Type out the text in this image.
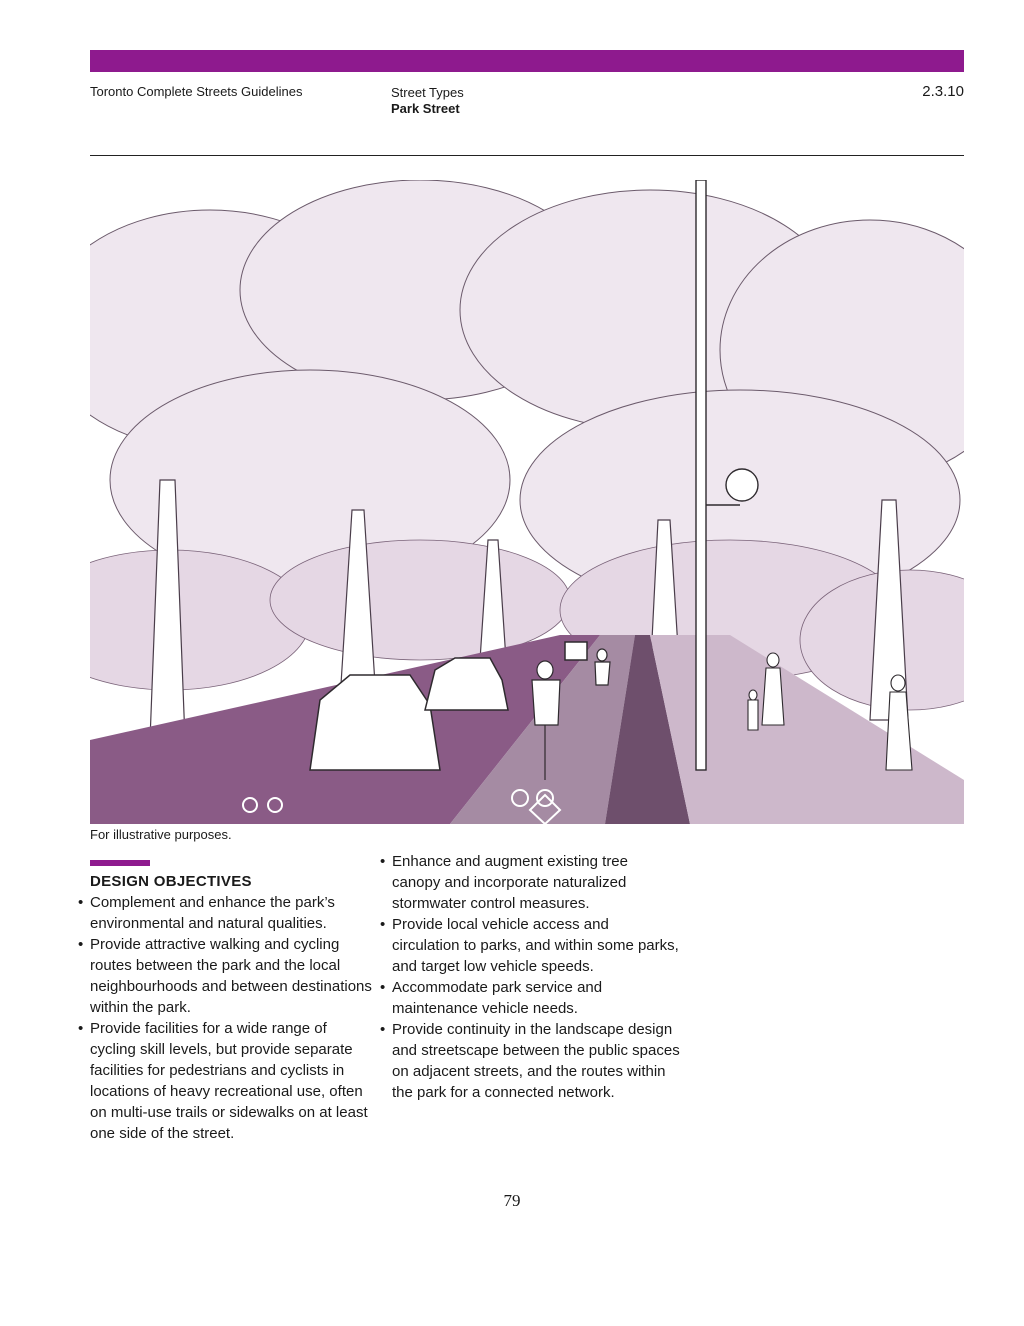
Toronto Complete Streets Guidelines	Street Types
Park Street
2.3.10
For illustrative purposes.
DESIGN OBJECTIVES
• Complement and enhance the park’s environmental and natural qualities.
• Provide attractive walking and cycling routes between the park and the local neighbourhoods and between destinations within the park.
• Provide facilities for a wide range of cycling skill levels, but provide separate facilities for pedestrians and cyclists in locations of heavy recreational use, often on multi-use trails or sidewalks on at least one side of the street.
• Enhance and augment existing tree canopy and incorporate naturalized stormwater control measures.
• Provide local vehicle access and circulation to parks, and within some parks, and target low vehicle speeds.
• Accommodate park service and maintenance vehicle needs.
• Provide continuity in the landscape design and streetscape between the public spaces on adjacent streets, and the routes within the park for a connected network.
79
